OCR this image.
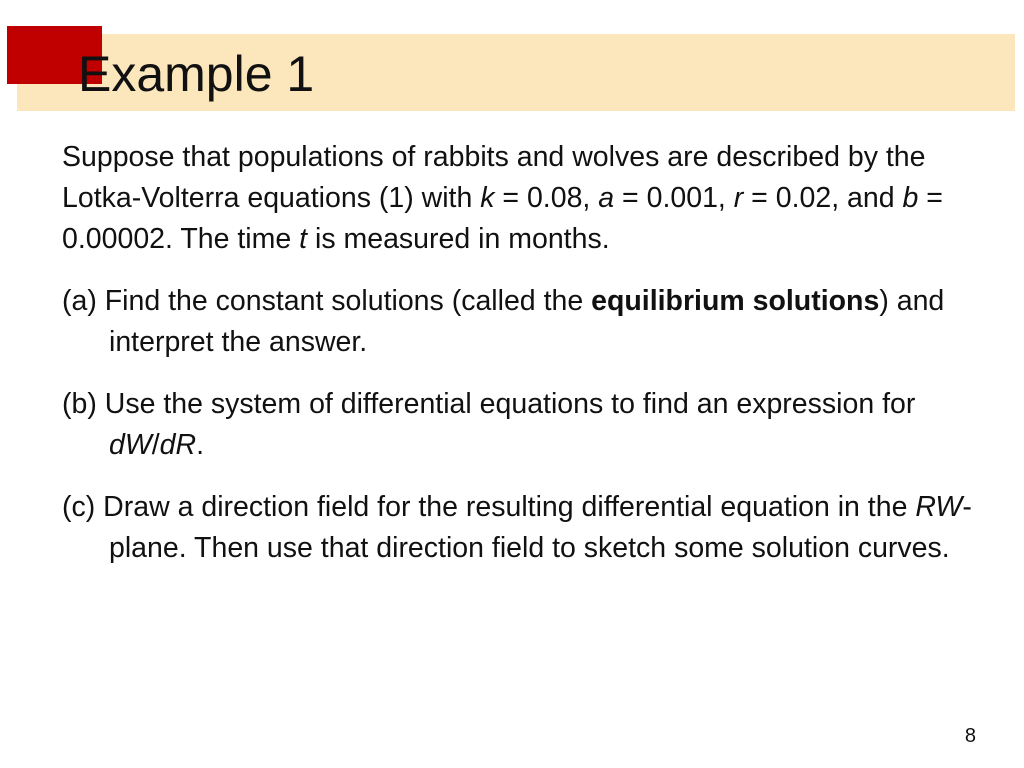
Example 1

Suppose that populations of rabbits and wolves are described by the Lotka-Volterra equations (1) with k = 0.08, a = 0.001, r = 0.02, and b = 0.00002. The time t is measured in months.

(a) Find the constant solutions (called the equilibrium solutions) and interpret the answer.

(b) Use the system of differential equations to find an expression for dW/dR.

(c) Draw a direction field for the resulting differential equation in the RW-plane. Then use that direction field to sketch some solution curves.

8
